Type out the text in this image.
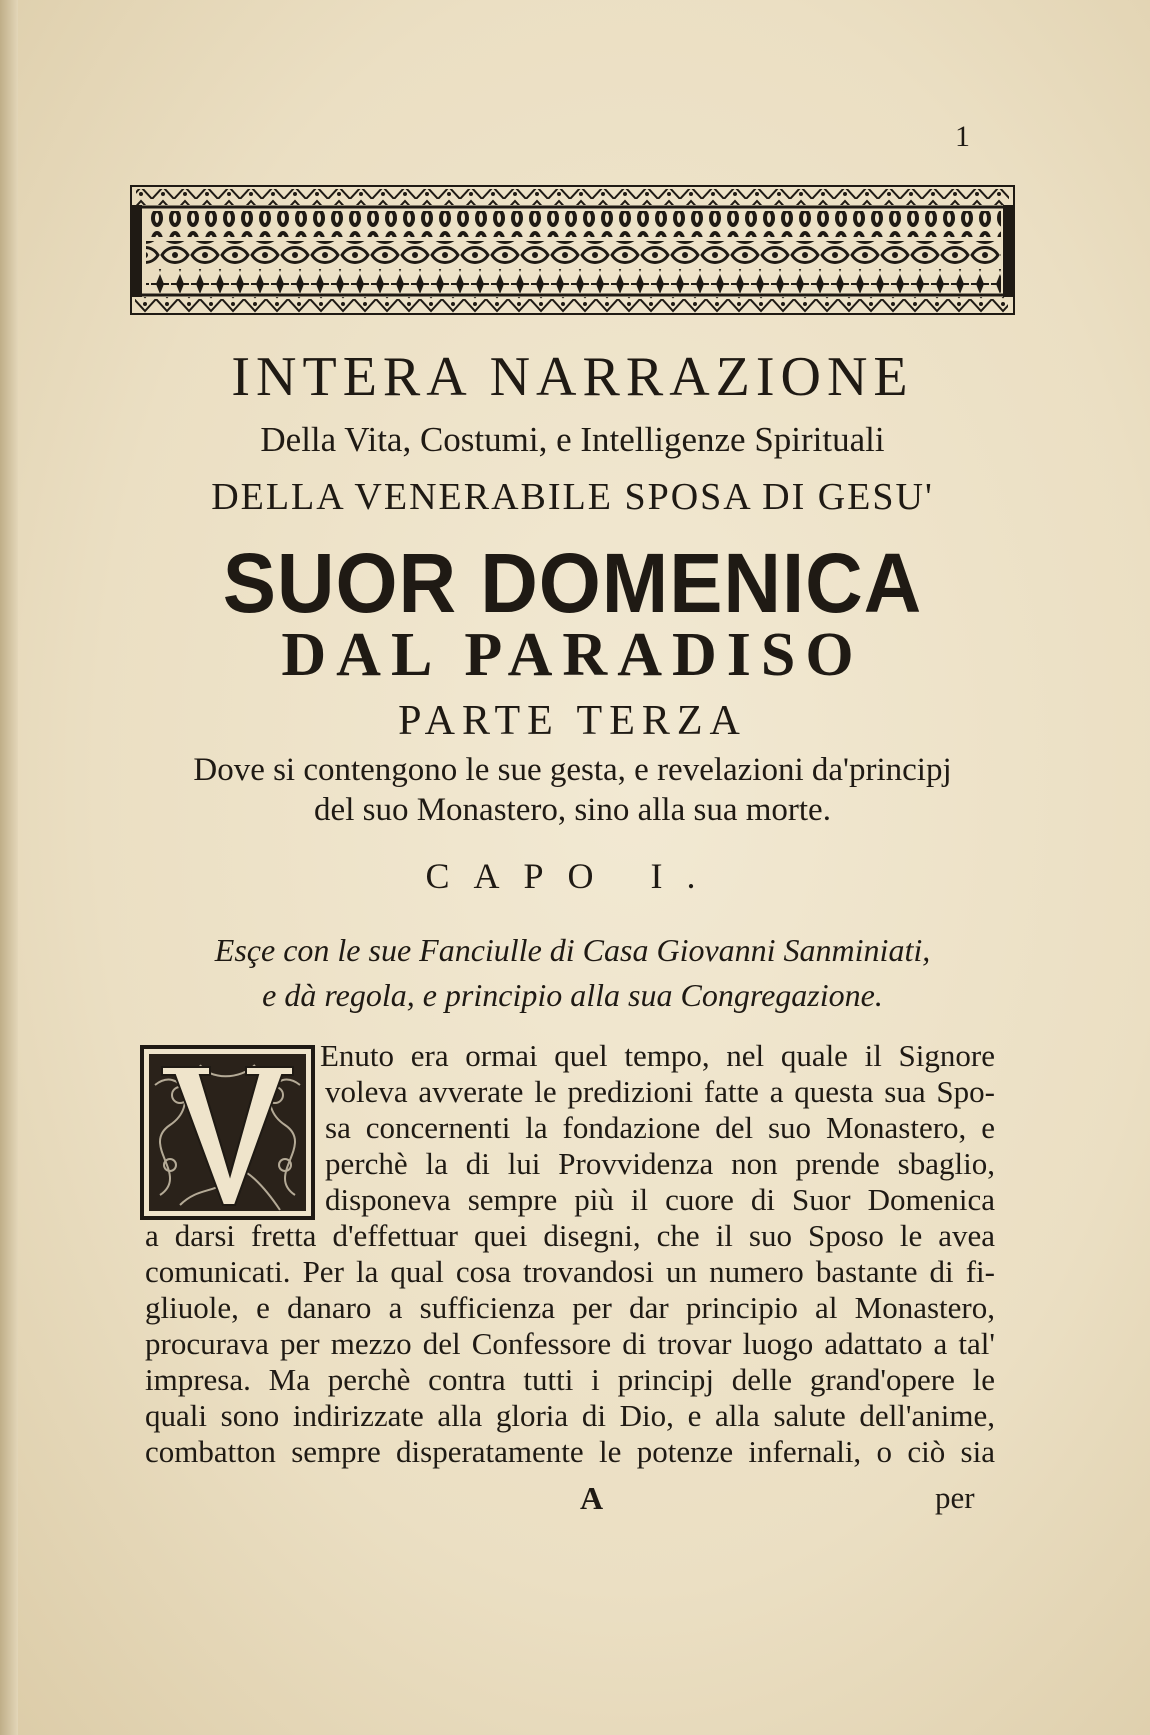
1
INTERA NARRAZIONE
Della Vita, Costumi, e Intelligenze Spirituali
DELLA VENERABILE SPOSA DI GESU'
SUOR DOMENICA
DAL PARADISO
PARTE TERZA
Dove si contengono le sue gesta, e revelazioni da'principj
del suo Monastero, sino alla sua morte.
CAPO I.
Esçe con le sue Fanciulle di Casa Giovanni Sanminiati,
e dà regola, e principio alla sua Congregazione.
Enuto era ormai quel tempo, nel quale il Signore
voleva avverate le predizioni fatte a questa sua Spo-
sa concernenti la fondazione del suo Monastero, e
perchè la di lui Provvidenza non prende sbaglio,
disponeva sempre più il cuore di Suor Domenica
a darsi fretta d'effettuar quei disegni, che il suo Sposo le avea
comunicati. Per la qual cosa trovandosi un numero bastante di fi-
gliuole, e danaro a sufficienza per dar principio al Monastero,
procurava per mezzo del Confessore di trovar luogo adattato a tal'
impresa. Ma perchè contra tutti i principj delle grand'opere le
quali sono indirizzate alla gloria di Dio, e alla salute dell'anime,
combatton sempre disperatamente le potenze infernali, o ciò sia
A	per
